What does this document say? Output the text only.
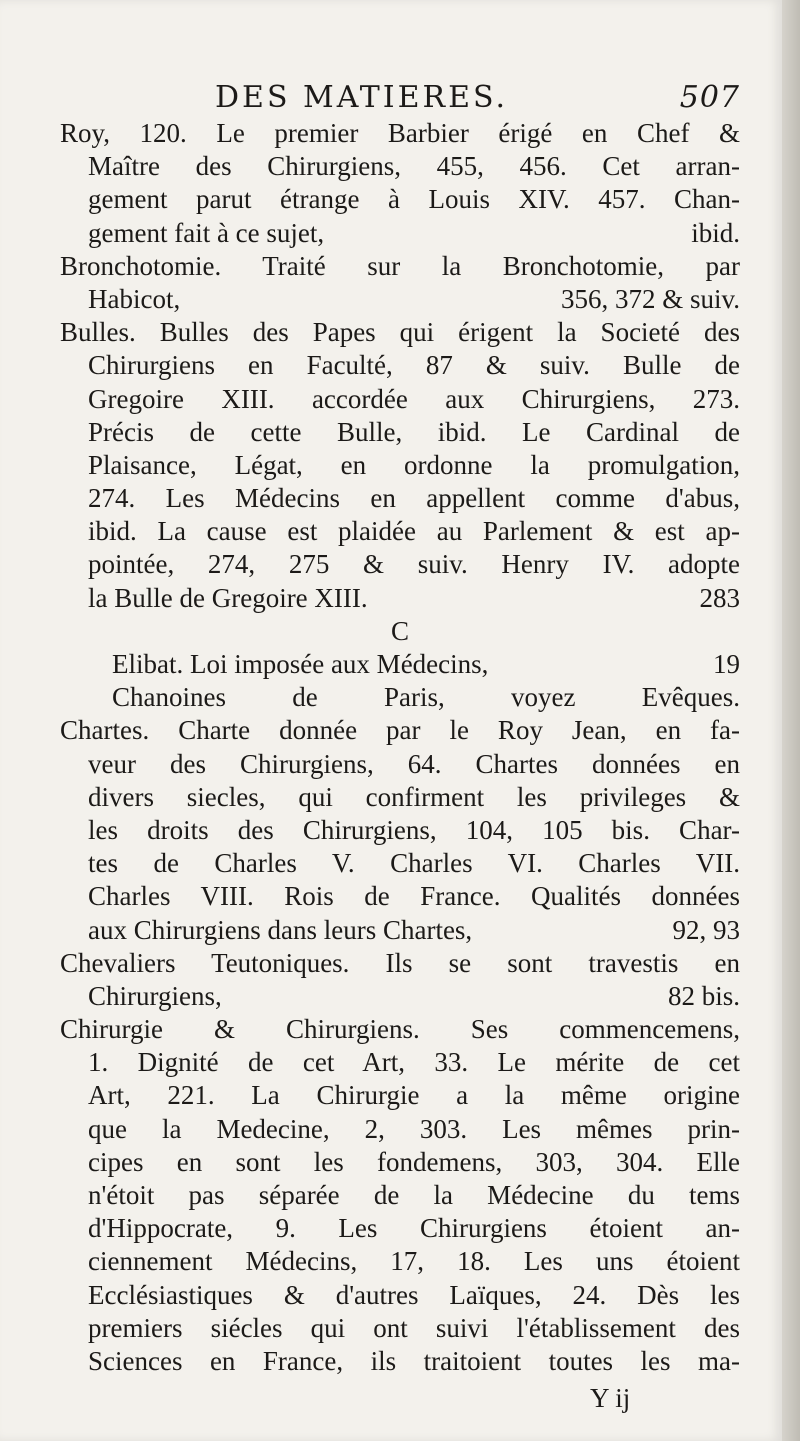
DES MATIERES.	507
Roy, 120. Le premier Barbier érigé en Chef &
Maître des Chirurgiens, 455, 456. Cet arran-
gement parut étrange à Louis XIV. 457. Chan-
gement fait à ce sujet,	ibid.
Bronchotomie. Traité sur la Bronchotomie, par
Habicot,	356, 372 & suiv.
Bulles. Bulles des Papes qui érigent la Societé des
Chirurgiens en Faculté, 87 & suiv. Bulle de
Gregoire XIII. accordée aux Chirurgiens, 273.
Précis de cette Bulle, ibid. Le Cardinal de
Plaisance, Légat, en ordonne la promulgation,
274. Les Médecins en appellent comme d'abus,
ibid. La cause est plaidée au Parlement & est ap-
pointée, 274, 275 & suiv. Henry IV. adopte
la Bulle de Gregoire XIII.	283
C
Elibat. Loi imposée aux Médecins,	19
Chanoines de Paris, voyez Evêques.
Chartes. Charte donnée par le Roy Jean, en fa-
veur des Chirurgiens, 64. Chartes données en
divers siecles, qui confirment les privileges &
les droits des Chirurgiens, 104, 105 bis. Char-
tes de Charles V. Charles VI. Charles VII.
Charles VIII. Rois de France. Qualités données
aux Chirurgiens dans leurs Chartes,	92, 93
Chevaliers Teutoniques. Ils se sont travestis en
Chirurgiens,	82 bis.
Chirurgie & Chirurgiens. Ses commencemens,
1. Dignité de cet Art, 33. Le mérite de cet
Art, 221. La Chirurgie a la même origine
que la Medecine, 2, 303. Les mêmes prin-
cipes en sont les fondemens, 303, 304. Elle
n'étoit pas séparée de la Médecine du tems
d'Hippocrate, 9. Les Chirurgiens étoient an-
ciennement Médecins, 17, 18. Les uns étoient
Ecclésiastiques & d'autres Laïques, 24. Dès les
premiers siécles qui ont suivi l'établissement des
Sciences en France, ils traitoient toutes les ma-
Y ij
